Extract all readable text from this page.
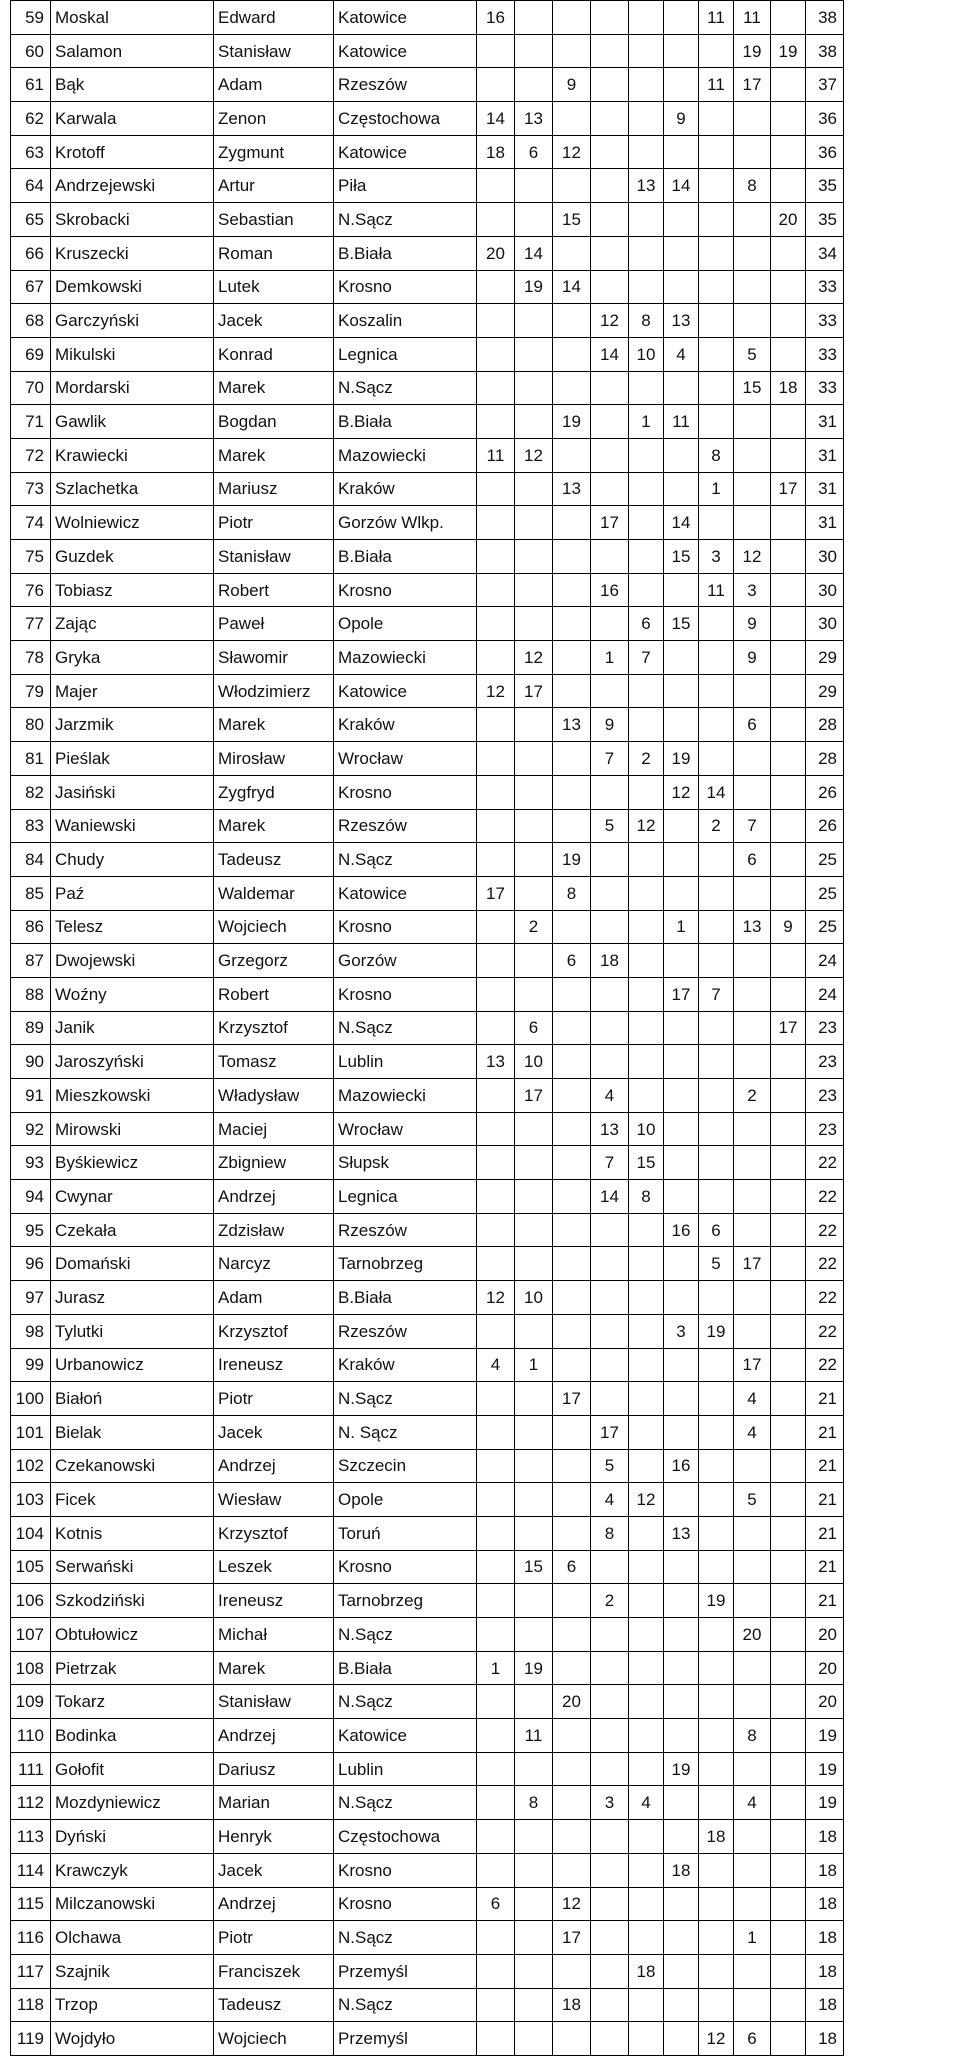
59	Moskal	Edward	Katowice	16						11	11		38
60	Salamon	Stanisław	Katowice								19	19	38
61	Bąk	Adam	Rzeszów			9				11	17		37
62	Karwala	Zenon	Częstochowa	14	13				9				36
63	Krotoff	Zygmunt	Katowice	18	6	12							36
64	Andrzejewski	Artur	Piła					13	14		8		35
65	Skrobacki	Sebastian	N.Sącz			15						20	35
66	Kruszecki	Roman	B.Biała	20	14								34
67	Demkowski	Lutek	Krosno		19	14							33
68	Garczyński	Jacek	Koszalin				12	8	13				33
69	Mikulski	Konrad	Legnica				14	10	4		5		33
70	Mordarski	Marek	N.Sącz								15	18	33
71	Gawlik	Bogdan	B.Biała			19		1	11				31
72	Krawiecki	Marek	Mazowiecki	11	12					8			31
73	Szlachetka	Mariusz	Kraków			13				1		17	31
74	Wolniewicz	Piotr	Gorzów Wlkp.				17		14				31
75	Guzdek	Stanisław	B.Biała						15	3	12		30
76	Tobiasz	Robert	Krosno				16			11	3		30
77	Zając	Paweł	Opole					6	15		9		30
78	Gryka	Sławomir	Mazowiecki		12		1	7			9		29
79	Majer	Włodzimierz	Katowice	12	17								29
80	Jarzmik	Marek	Kraków			13	9				6		28
81	Pieślak	Mirosław	Wrocław				7	2	19				28
82	Jasiński	Zygfryd	Krosno						12	14			26
83	Waniewski	Marek	Rzeszów				5	12		2	7		26
84	Chudy	Tadeusz	N.Sącz			19					6		25
85	Paź	Waldemar	Katowice	17		8							25
86	Telesz	Wojciech	Krosno		2				1		13	9	25
87	Dwojewski	Grzegorz	Gorzów			6	18						24
88	Woźny	Robert	Krosno						17	7			24
89	Janik	Krzysztof	N.Sącz		6							17	23
90	Jaroszyński	Tomasz	Lublin	13	10								23
91	Mieszkowski	Władysław	Mazowiecki		17		4				2		23
92	Mirowski	Maciej	Wrocław				13	10					23
93	Byśkiewicz	Zbigniew	Słupsk				7	15					22
94	Cwynar	Andrzej	Legnica				14	8					22
95	Czekała	Zdzisław	Rzeszów						16	6			22
96	Domański	Narcyz	Tarnobrzeg							5	17		22
97	Jurasz	Adam	B.Biała	12	10								22
98	Tylutki	Krzysztof	Rzeszów						3	19			22
99	Urbanowicz	Ireneusz	Kraków	4	1						17		22
100	Białoń	Piotr	N.Sącz			17					4		21
101	Bielak	Jacek	N. Sącz				17				4		21
102	Czekanowski	Andrzej	Szczecin				5		16				21
103	Ficek	Wiesław	Opole				4	12			5		21
104	Kotnis	Krzysztof	Toruń				8		13				21
105	Serwański	Leszek	Krosno		15	6							21
106	Szkodziński	Ireneusz	Tarnobrzeg				2			19			21
107	Obtułowicz	Michał	N.Sącz								20		20
108	Pietrzak	Marek	B.Biała	1	19								20
109	Tokarz	Stanisław	N.Sącz			20							20
110	Bodinka	Andrzej	Katowice		11						8		19
111	Gołofit	Dariusz	Lublin						19				19
112	Mozdyniewicz	Marian	N.Sącz		8		3	4			4		19
113	Dyński	Henryk	Częstochowa							18			18
114	Krawczyk	Jacek	Krosno						18				18
115	Milczanowski	Andrzej	Krosno	6		12							18
116	Olchawa	Piotr	N.Sącz			17					1		18
117	Szajnik	Franciszek	Przemyśl					18					18
118	Trzop	Tadeusz	N.Sącz			18							18
119	Wojdyło	Wojciech	Przemyśl							12	6		18
